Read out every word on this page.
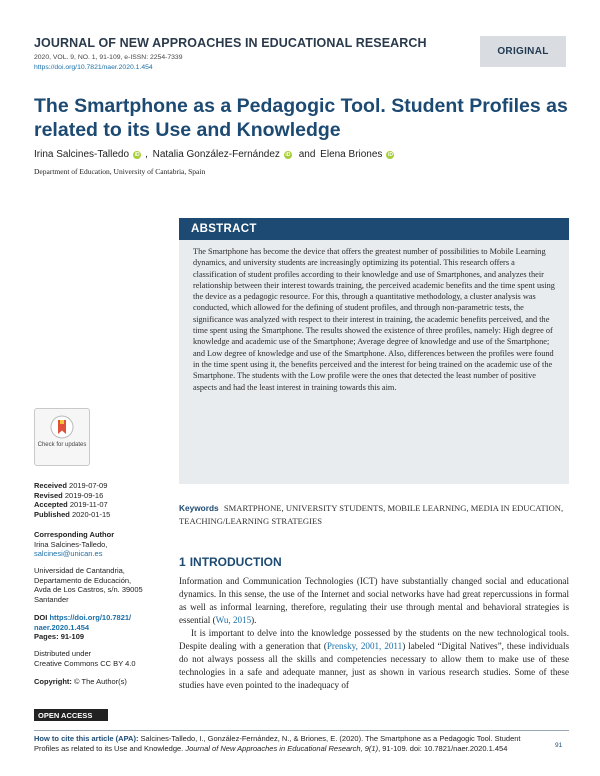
JOURNAL OF NEW APPROACHES IN EDUCATIONAL RESEARCH
2020, VOL. 9, NO. 1, 91-109, e-ISSN: 2254-7339
https://doi.org/10.7821/naer.2020.1.454
ORIGINAL
The Smartphone as a Pedagogic Tool. Student Profiles as related to its Use and Knowledge
Irina Salcines-Talledo	iD , Natalia González-Fernández	iD and Elena Briones	iD
Department of Education, University of Cantabria, Spain
ABSTRACT
The Smartphone has become the device that offers the greatest number of possibilities to Mobile Learning dynamics, and university students are increasingly optimizing its potential. This research offers a classification of student profiles according to their knowledge and use of Smartphones, and analyzes their relationship between their interest towards training, the perceived academic benefits and the time spent using the device as a pedagogic resource. For this, through a quantitative methodology, a cluster analysis was conducted, which allowed for the defining of student profiles, and through non-parametric tests, the significance was analyzed with respect to their interest in training, the academic benefits perceived, and the time spent using the Smartphone. The results showed the existence of three profiles, namely: High degree of knowledge and academic use of the Smartphone; Average degree of knowledge and use of the Smartphone; and Low degree of knowledge and use of the Smartphone. Also, differences between the profiles were found in the time spent using it, the benefits perceived and the interest for being trained on the academic use of the Smartphone. The students with the Low profile were the ones that detected the least number of positive aspects and had the least interest in training towards this aim.
Check for updates
Received 2019-07-09
Revised 2019-09-16
Accepted 2019-11-07
Published 2020-01-15
Corresponding Author
Irina Salcines-Talledo,
salcinesi@unican.es
Universidad de Cantandria,
Departamento de Educación,
Avda de Los Castros, s/n. 39005
Santander
DOI https://doi.org/10.7821/
naer.2020.1.454
Pages: 91-109
Distributed under
Creative Commons CC BY 4.0
Copyright: © The Author(s)
OPEN ACCESS
Keywords SMARTPHONE, UNIVERSITY STUDENTS, MOBILE LEARNING, MEDIA IN EDUCATION, TEACHING/LEARNING STRATEGIES
1 INTRODUCTION

Information and Communication Technologies (ICT) have substantially changed social and educational dynamics. In this sense, the use of the Internet and social networks have had great repercussions in formal as well as informal learning, therefore, regulating their use through mental and behavioral strategies is essential (Wu, 2015).

It is important to delve into the knowledge possessed by the students on the new technological tools. Despite dealing with a generation that (Prensky, 2001, 2011) labeled “Digital Natives”, these individuals do not always possess all the skills and competencies necessary to allow them to make use of these technologies in a safe and adequate manner, just as shown in various research studies. Some of these studies have even pointed to the inadequacy of

How to cite this article (APA): Salcines-Talledo, I., González-Fernández, N., & Briones, E. (2020). The Smartphone as a Pedagogic Tool. Student Profiles as related to its Use and Knowledge. Journal of New Approaches in Educational Research, 9(1), 91-109. doi: 10.7821/naer.2020.1.454	91
